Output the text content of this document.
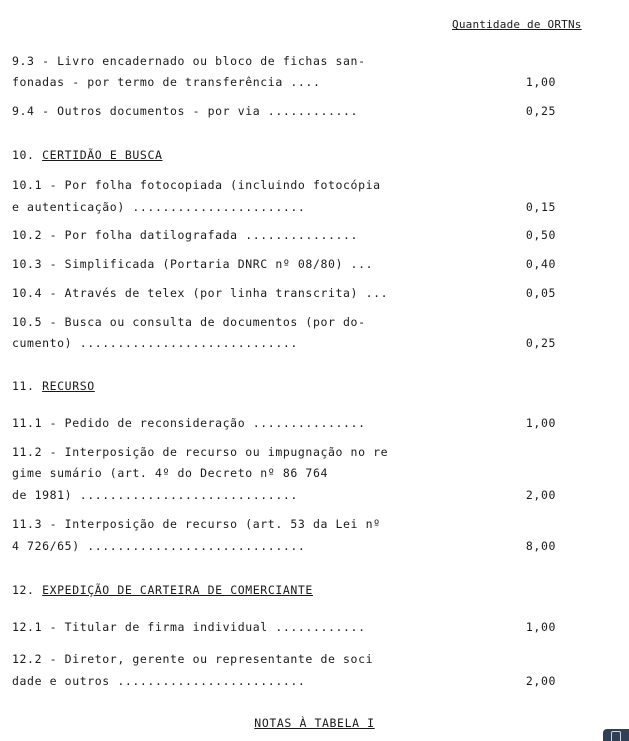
Quantidade de ORTNs
9.3 - Livro encadernado ou bloco de fichas san-
fonadas - por termo de transferência ....	1,00
9.4 - Outros documentos - por via ............	0,25
10. CERTIDÃO E BUSCA
10.1 - Por folha fotocopiada (incluindo fotocópia
e autenticação) .......................	0,15
10.2 - Por folha datilografada ...............	0,50
10.3 - Simplificada (Portaria DNRC nº 08/80) ...	0,40
10.4 - Através de telex (por linha transcrita) ...	0,05
10.5 - Busca ou consulta de documentos (por do-
cumento) .............................	0,25
11. RECURSO
11.1 - Pedido de reconsideração ...............	1,00
11.2 - Interposição de recurso ou impugnação no re
gime sumário (art. 4º do Decreto nº 86 764
de 1981) .............................	2,00
11.3 - Interposição de recurso (art. 53 da Lei nº
4 726/65) .............................	8,00
12. EXPEDIÇÃO DE CARTEIRA DE COMERCIANTE
12.1 - Titular de firma individual ............	1,00
12.2 - Diretor, gerente ou representante de soci
dade e outros .........................	2,00
NOTAS À TABELA I
